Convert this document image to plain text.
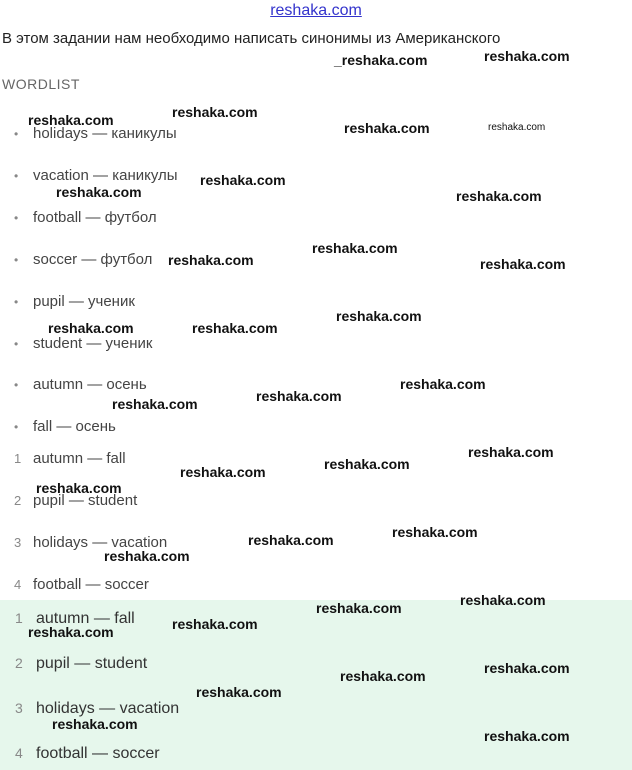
reshaka.com
В этом задании нам необходимо написать синонимы из Американского
WORDLIST
• holidays — каникулы
• vacation — каникулы
• football — футбол
• soccer — футбол
• pupil — ученик
• student — ученик
• autumn — осень
• fall — осень
1 autumn — fall
2 pupil — student
3 holidays — vacation
4 football — soccer
1 autumn — fall
2 pupil — student
3 holidays — vacation
4 football — soccer
_reshaka.com	reshaka.com
reshaka.com	reshaka.com
reshaka.com	reshaka.com
reshaka.com
reshaka.com	reshaka.com
reshaka.com
reshaka.com	reshaka.com
reshaka.com
reshaka.com	reshaka.com
reshaka.com
reshaka.com
reshaka.com
reshaka.com
reshaka.com
reshaka.com
reshaka.com
reshaka.com
reshaka.com
reshaka.com
reshaka.com
reshaka.com
reshaka.com
reshaka.com
reshaka.com
reshaka.com
reshaka.com
reshaka.com
reshaka.com
